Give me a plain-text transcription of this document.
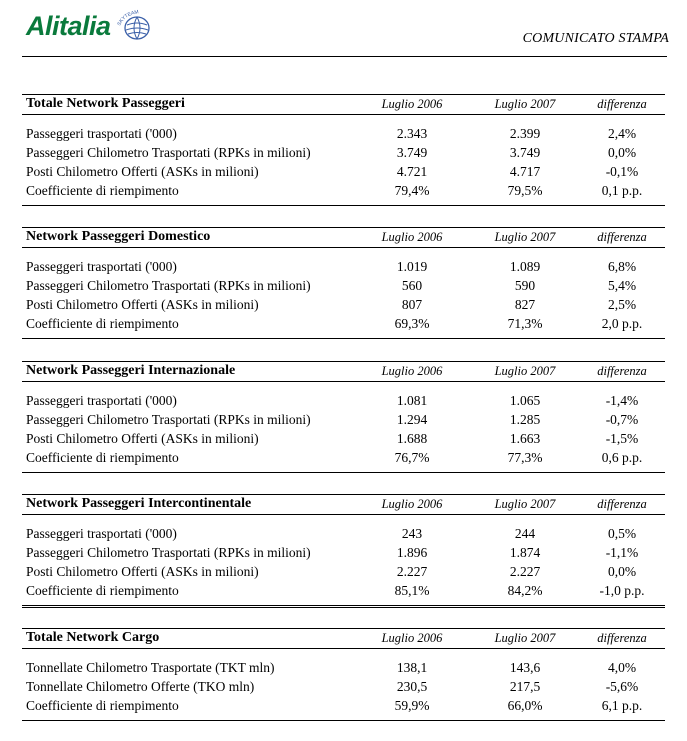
Alitalia SKYTEAM
COMUNICATO STAMPA
Totale Network Passeggeri	Luglio 2006	Luglio 2007	differenza
Passeggeri trasportati ('000)	2.343	2.399	2,4%
Passeggeri Chilometro Trasportati (RPKs in milioni)	3.749	3.749	0,0%
Posti Chilometro Offerti (ASKs in milioni)	4.721	4.717	-0,1%
Coefficiente di riempimento	79,4%	79,5%	0,1 p.p.
Network Passeggeri Domestico	Luglio 2006	Luglio 2007	differenza
Passeggeri trasportati ('000)	1.019	1.089	6,8%
Passeggeri Chilometro Trasportati (RPKs in milioni)	560	590	5,4%
Posti Chilometro Offerti (ASKs in milioni)	807	827	2,5%
Coefficiente di riempimento	69,3%	71,3%	2,0 p.p.
Network Passeggeri Internazionale	Luglio 2006	Luglio 2007	differenza
Passeggeri trasportati ('000)	1.081	1.065	-1,4%
Passeggeri Chilometro Trasportati (RPKs in milioni)	1.294	1.285	-0,7%
Posti Chilometro Offerti (ASKs in milioni)	1.688	1.663	-1,5%
Coefficiente di riempimento	76,7%	77,3%	0,6 p.p.
Network Passeggeri Intercontinentale	Luglio 2006	Luglio 2007	differenza
Passeggeri trasportati ('000)	243	244	0,5%
Passeggeri Chilometro Trasportati (RPKs in milioni)	1.896	1.874	-1,1%
Posti Chilometro Offerti (ASKs in milioni)	2.227	2.227	0,0%
Coefficiente di riempimento	85,1%	84,2%	-1,0 p.p.
Totale Network Cargo	Luglio 2006	Luglio 2007	differenza
Tonnellate Chilometro Trasportate (TKT mln)	138,1	143,6	4,0%
Tonnellate Chilometro Offerte (TKO mln)	230,5	217,5	-5,6%
Coefficiente di riempimento	59,9%	66,0%	6,1 p.p.
